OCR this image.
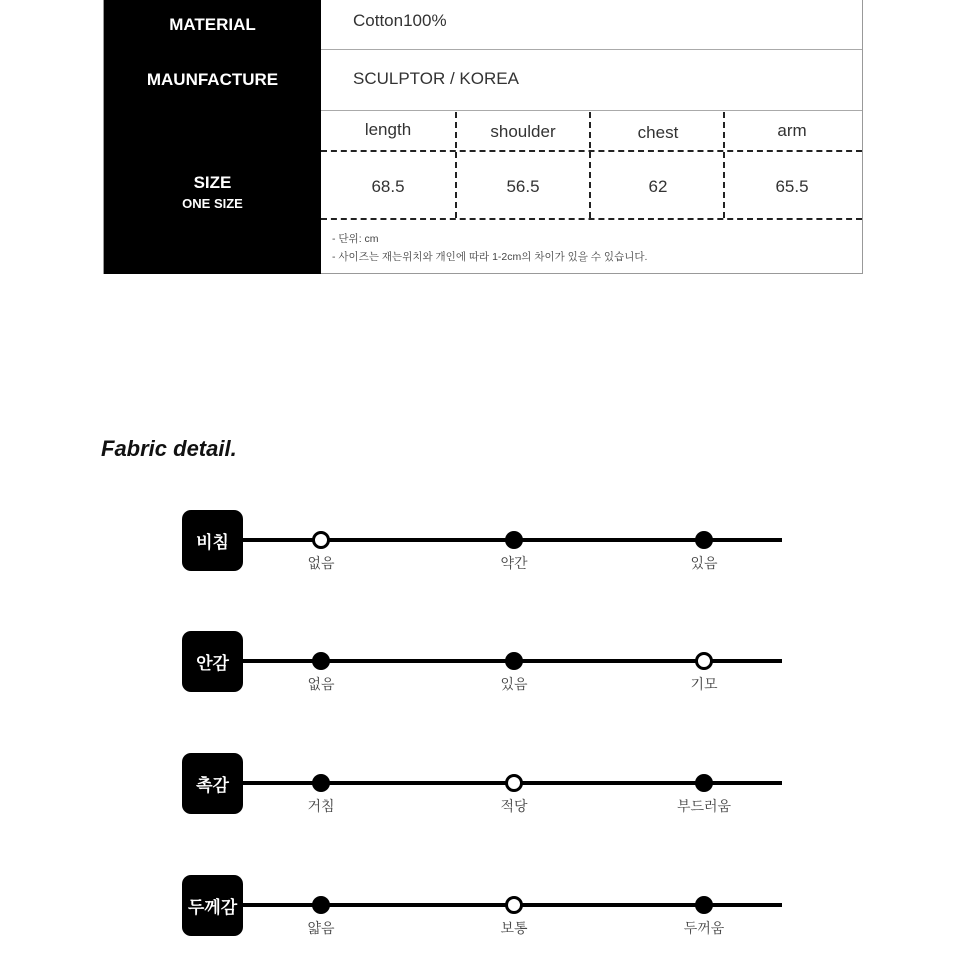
MATERIAL	Cotton100%
MAUNFACTURE	SCULPTOR / KOREA
SIZE
ONE SIZE
length	shoulder	chest	arm
68.5	56.5	62	65.5
- 단위: cm
- 사이즈는 재는위치와 개인에 따라 1-2cm의 차이가 있을 수 있습니다.
Fabric detail.
비침
없음	약간	있음
안감
없음	있음	기모
촉감
거침	적당	부드러움
두께감
얇음	보통	두꺼움
